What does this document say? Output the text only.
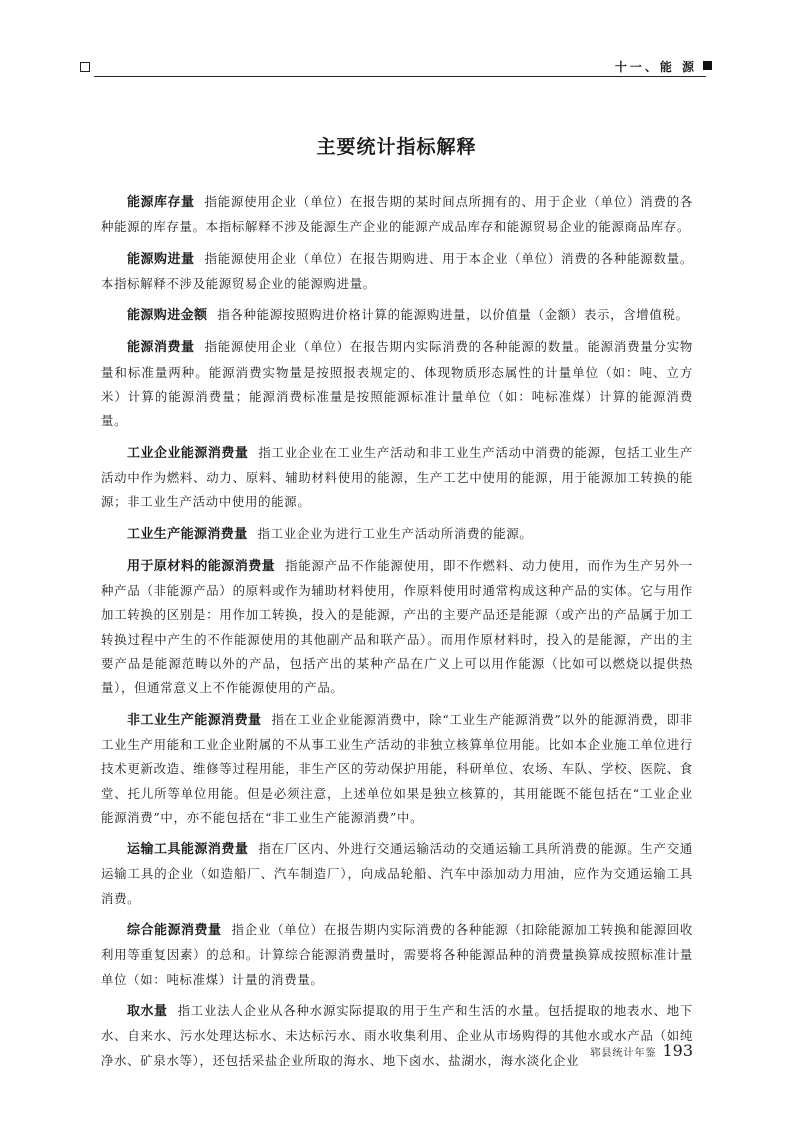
十一、能 源
主要统计指标解释

能源库存量 指能源使用企业（单位）在报告期的某时间点所拥有的、用于企业（单位）消费的各种能源的库存量。本指标解释不涉及能源生产企业的能源产成品库存和能源贸易企业的能源商品库存。

能源购进量 指能源使用企业（单位）在报告期购进、用于本企业（单位）消费的各种能源数量。本指标解释不涉及能源贸易企业的能源购进量。

能源购进金额 指各种能源按照购进价格计算的能源购进量，以价值量（金额）表示，含增值税。

能源消费量 指能源使用企业（单位）在报告期内实际消费的各种能源的数量。能源消费量分实物量和标准量两种。能源消费实物量是按照报表规定的、体现物质形态属性的计量单位（如：吨、立方米）计算的能源消费量；能源消费标准量是按照能源标准计量单位（如：吨标准煤）计算的能源消费量。

工业企业能源消费量 指工业企业在工业生产活动和非工业生产活动中消费的能源，包括工业生产活动中作为燃料、动力、原料、辅助材料使用的能源，生产工艺中使用的能源，用于能源加工转换的能源；非工业生产活动中使用的能源。

工业生产能源消费量 指工业企业为进行工业生产活动所消费的能源。

用于原材料的能源消费量 指能源产品不作能源使用，即不作燃料、动力使用，而作为生产另外一种产品（非能源产品）的原料或作为辅助材料使用，作原料使用时通常构成这种产品的实体。它与用作加工转换的区别是：用作加工转换，投入的是能源，产出的主要产品还是能源（或产出的产品属于加工转换过程中产生的不作能源使用的其他副产品和联产品）。而用作原材料时，投入的是能源，产出的主要产品是能源范畴以外的产品，包括产出的某种产品在广义上可以用作能源（比如可以燃烧以提供热量），但通常意义上不作能源使用的产品。

非工业生产能源消费量 指在工业企业能源消费中，除“工业生产能源消费”以外的能源消费，即非工业生产用能和工业企业附属的不从事工业生产活动的非独立核算单位用能。比如本企业施工单位进行技术更新改造、维修等过程用能，非生产区的劳动保护用能，科研单位、农场、车队、学校、医院、食堂、托儿所等单位用能。但是必须注意，上述单位如果是独立核算的，其用能既不能包括在“工业企业能源消费”中，亦不能包括在“非工业生产能源消费”中。

运输工具能源消费量 指在厂区内、外进行交通运输活动的交通运输工具所消费的能源。生产交通运输工具的企业（如造船厂、汽车制造厂），向成品轮船、汽车中添加动力用油，应作为交通运输工具消费。

综合能源消费量 指企业（单位）在报告期内实际消费的各种能源（扣除能源加工转换和能源回收利用等重复因素）的总和。计算综合能源消费量时，需要将各种能源品种的消费量换算成按照标准计量单位（如：吨标准煤）计量的消费量。

取水量 指工业法人企业从各种水源实际提取的用于生产和生活的水量。包括提取的地表水、地下水、自来水、污水处理达标水、未达标污水、雨水收集利用、企业从市场购得的其他水或水产品（如纯净水、矿泉水等），还包括采盐企业所取的海水、地下卤水、盐湖水，海水淡化企业	郓县统计年鉴 193
